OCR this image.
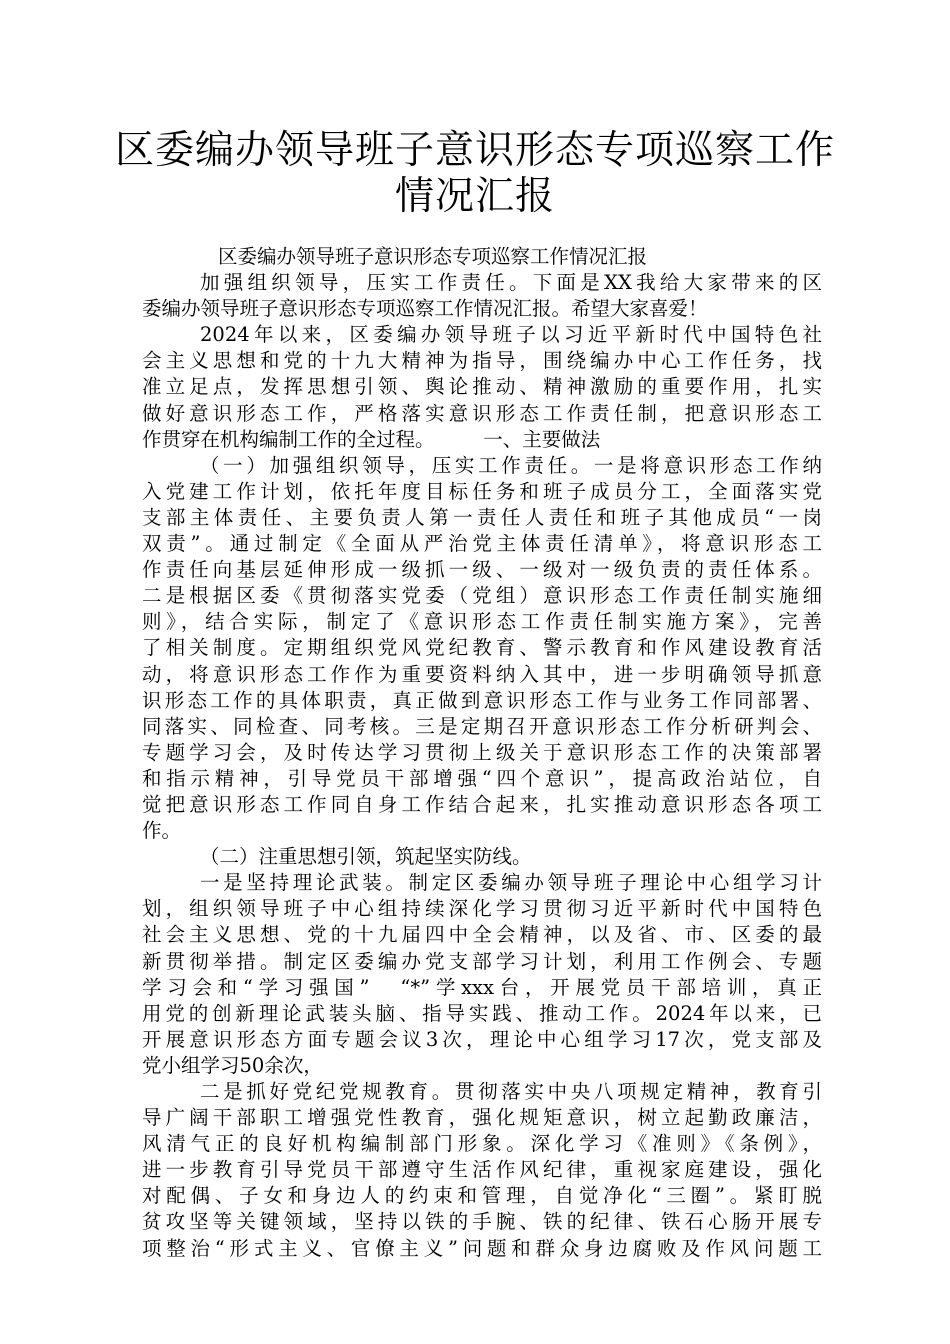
区委编办领导班子意识形态专项巡察工作
情况汇报
区委编办领导班子意识形态专项巡察工作情况汇报
加强组织领导，压实工作责任。下面是XX我给大家带来的区
委编办领导班子意识形态专项巡察工作情况汇报。希望大家喜爱！
2024年以来，区委编办领导班子以习近平新时代中国特色社
会主义思想和党的十九大精神为指导，围绕编办中心工作任务，找
准立足点，发挥思想引领、舆论推动、精神激励的重要作用，扎实
做好意识形态工作，严格落实意识形态工作责任制，把意识形态工
作贯穿在机构编制工作的全过程。　　　一、主要做法
（一）加强组织领导，压实工作责任。一是将意识形态工作纳
入党建工作计划，依托年度目标任务和班子成员分工，全面落实党
支部主体责任、主要负责人第一责任人责任和班子其他成员“一岗
双责”。通过制定《全面从严治党主体责任清单》，将意识形态工
作责任向基层延伸形成一级抓一级、一级对一级负责的责任体系。
二是根据区委《贯彻落实党委（党组）意识形态工作责任制实施细
则》，结合实际，制定了《意识形态工作责任制实施方案》，完善
了相关制度。定期组织党风党纪教育、警示教育和作风建设教育活
动，将意识形态工作作为重要资料纳入其中，进一步明确领导抓意
识形态工作的具体职责，真正做到意识形态工作与业务工作同部署、
同落实、同检查、同考核。三是定期召开意识形态工作分析研判会、
专题学习会，及时传达学习贯彻上级关于意识形态工作的决策部署
和指示精神，引导党员干部增强“四个意识”，提高政治站位，自
觉把意识形态工作同自身工作结合起来，扎实推动意识形态各项工
作。
（二）注重思想引领，筑起坚实防线。
一是坚持理论武装。制定区委编办领导班子理论中心组学习计
划，组织领导班子中心组持续深化学习贯彻习近平新时代中国特色
社会主义思想、党的十九届四中全会精神，以及省、市、区委的最
新贯彻举措。制定区委编办党支部学习计划，利用工作例会、专题
学习会和“学习强国”　“*”学xxx台，开展党员干部培训，真正
用党的创新理论武装头脑、指导实践、推动工作。2024年以来，已
开展意识形态方面专题会议3次，理论中心组学习17次，党支部及
党小组学习50余次，
二是抓好党纪党规教育。贯彻落实中央八项规定精神，教育引
导广阔干部职工增强党性教育，强化规矩意识，树立起勤政廉洁，
风清气正的良好机构编制部门形象。深化学习《准则》《条例》，
进一步教育引导党员干部遵守生活作风纪律，重视家庭建设，强化
对配偶、子女和身边人的约束和管理，自觉净化“三圈”。紧盯脱
贫攻坚等关键领域，坚持以铁的手腕、铁的纪律、铁石心肠开展专
项整治“形式主义、官僚主义”问题和群众身边腐败及作风问题工
